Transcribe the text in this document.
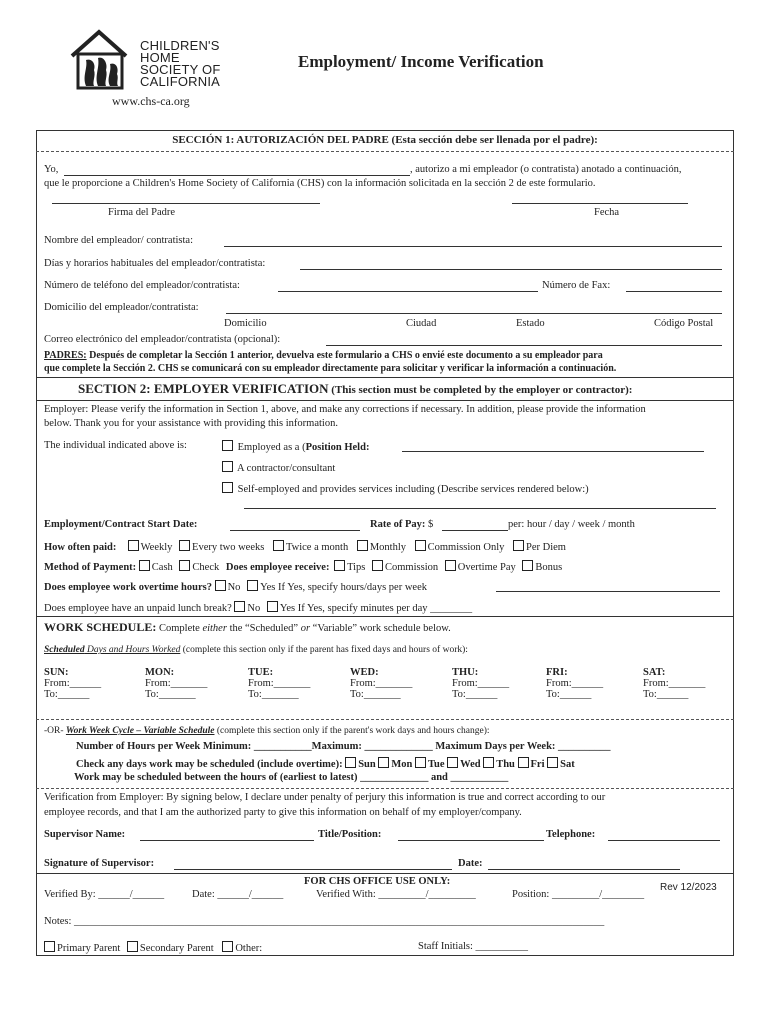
CHILDREN'S
HOME
SOCIETY OF
CALIFORNIA
www.chs-ca.org
Employment/ Income Verification
SECCIÓN 1: AUTORIZACIÓN DEL PADRE (Esta sección debe ser llenada por el padre):
Yo,	, autorizo a mi empleador (o contratista) anotado a continuación,
que le proporcione a Children's Home Society of California (CHS) con la información solicitada en la sección 2 de este formulario.
Firma del Padre	Fecha
Nombre del empleador/ contratista:
Días y horarios habituales del empleador/contratista:
Número de teléfono del empleador/contratista:	Número de Fax:
Domicilio del empleador/contratista:
Domicilio	Ciudad	Estado	Código Postal
Correo electrónico del empleador/contratista (opcional):
PADRES: Después de completar la Sección 1 anterior, devuelva este formulario a CHS o envié este documento a su empleador para
que complete la Sección 2. CHS se comunicará con su empleador directamente para solicitar y verificar la información a continuación.
SECTION 2: EMPLOYER VERIFICATION (This section must be completed by the employer or contractor):
Employer: Please verify the information in Section 1, above, and make any corrections if necessary. In addition, please provide the information
below. Thank you for your assistance with providing this information.
The individual indicated above is:	Employed as a (Position Held:
A contractor/consultant
Self-employed and provides services including (Describe services rendered below:)
Employment/Contract Start Date:	Rate of Pay: $	per: hour / day / week / month
How often paid: Weekly Every two weeks Twice a month Monthly Commission Only Per Diem
Method of Payment: Cash Check Does employee receive: Tips Commission Overtime Pay Bonus
Does employee work overtime hours? No Yes If Yes, specify hours/days per week
Does employee have an unpaid lunch break? No Yes If Yes, specify minutes per day ________
WORK SCHEDULE: Complete either the “Scheduled” or “Variable” work schedule below.
Scheduled Days and Hours Worked (complete this section only if the parent has fixed days and hours of work):
SUN:
From:______
To:______
MON:
From:_______
To:_______
TUE:
From:_______
To:_______
WED:
From:_______
To:_______
THU:
From:______
To:______
FRI:
From:______
To:______
SAT:
From:_______
To:______
-OR- Work Week Cycle – Variable Schedule (complete this section only if the parent's work days and hours change):
Number of Hours per Week Minimum: ___________Maximum: _____________ Maximum Days per Week: __________
Check any days work may be scheduled (include overtime): Sun Mon Tue Wed Thu Fri Sat
Work may be scheduled between the hours of (earliest to latest) _____________ and ___________
Verification from Employer: By signing below, I declare under penalty of perjury this information is true and correct according to our
employee records, and that I am the authorized party to give this information on behalf of my employer/company.
Supervisor Name:	Title/Position:	Telephone:
Signature of Supervisor:	Date:
FOR CHS OFFICE USE ONLY:
Rev 12/2023
Verified By: ______/______	Date: ______/______	Verified With: _________/_________	Position: _________/________
Notes: _____________________________________________________________________________________________________
Primary Parent Secondary Parent Other:	Staff Initials: __________
